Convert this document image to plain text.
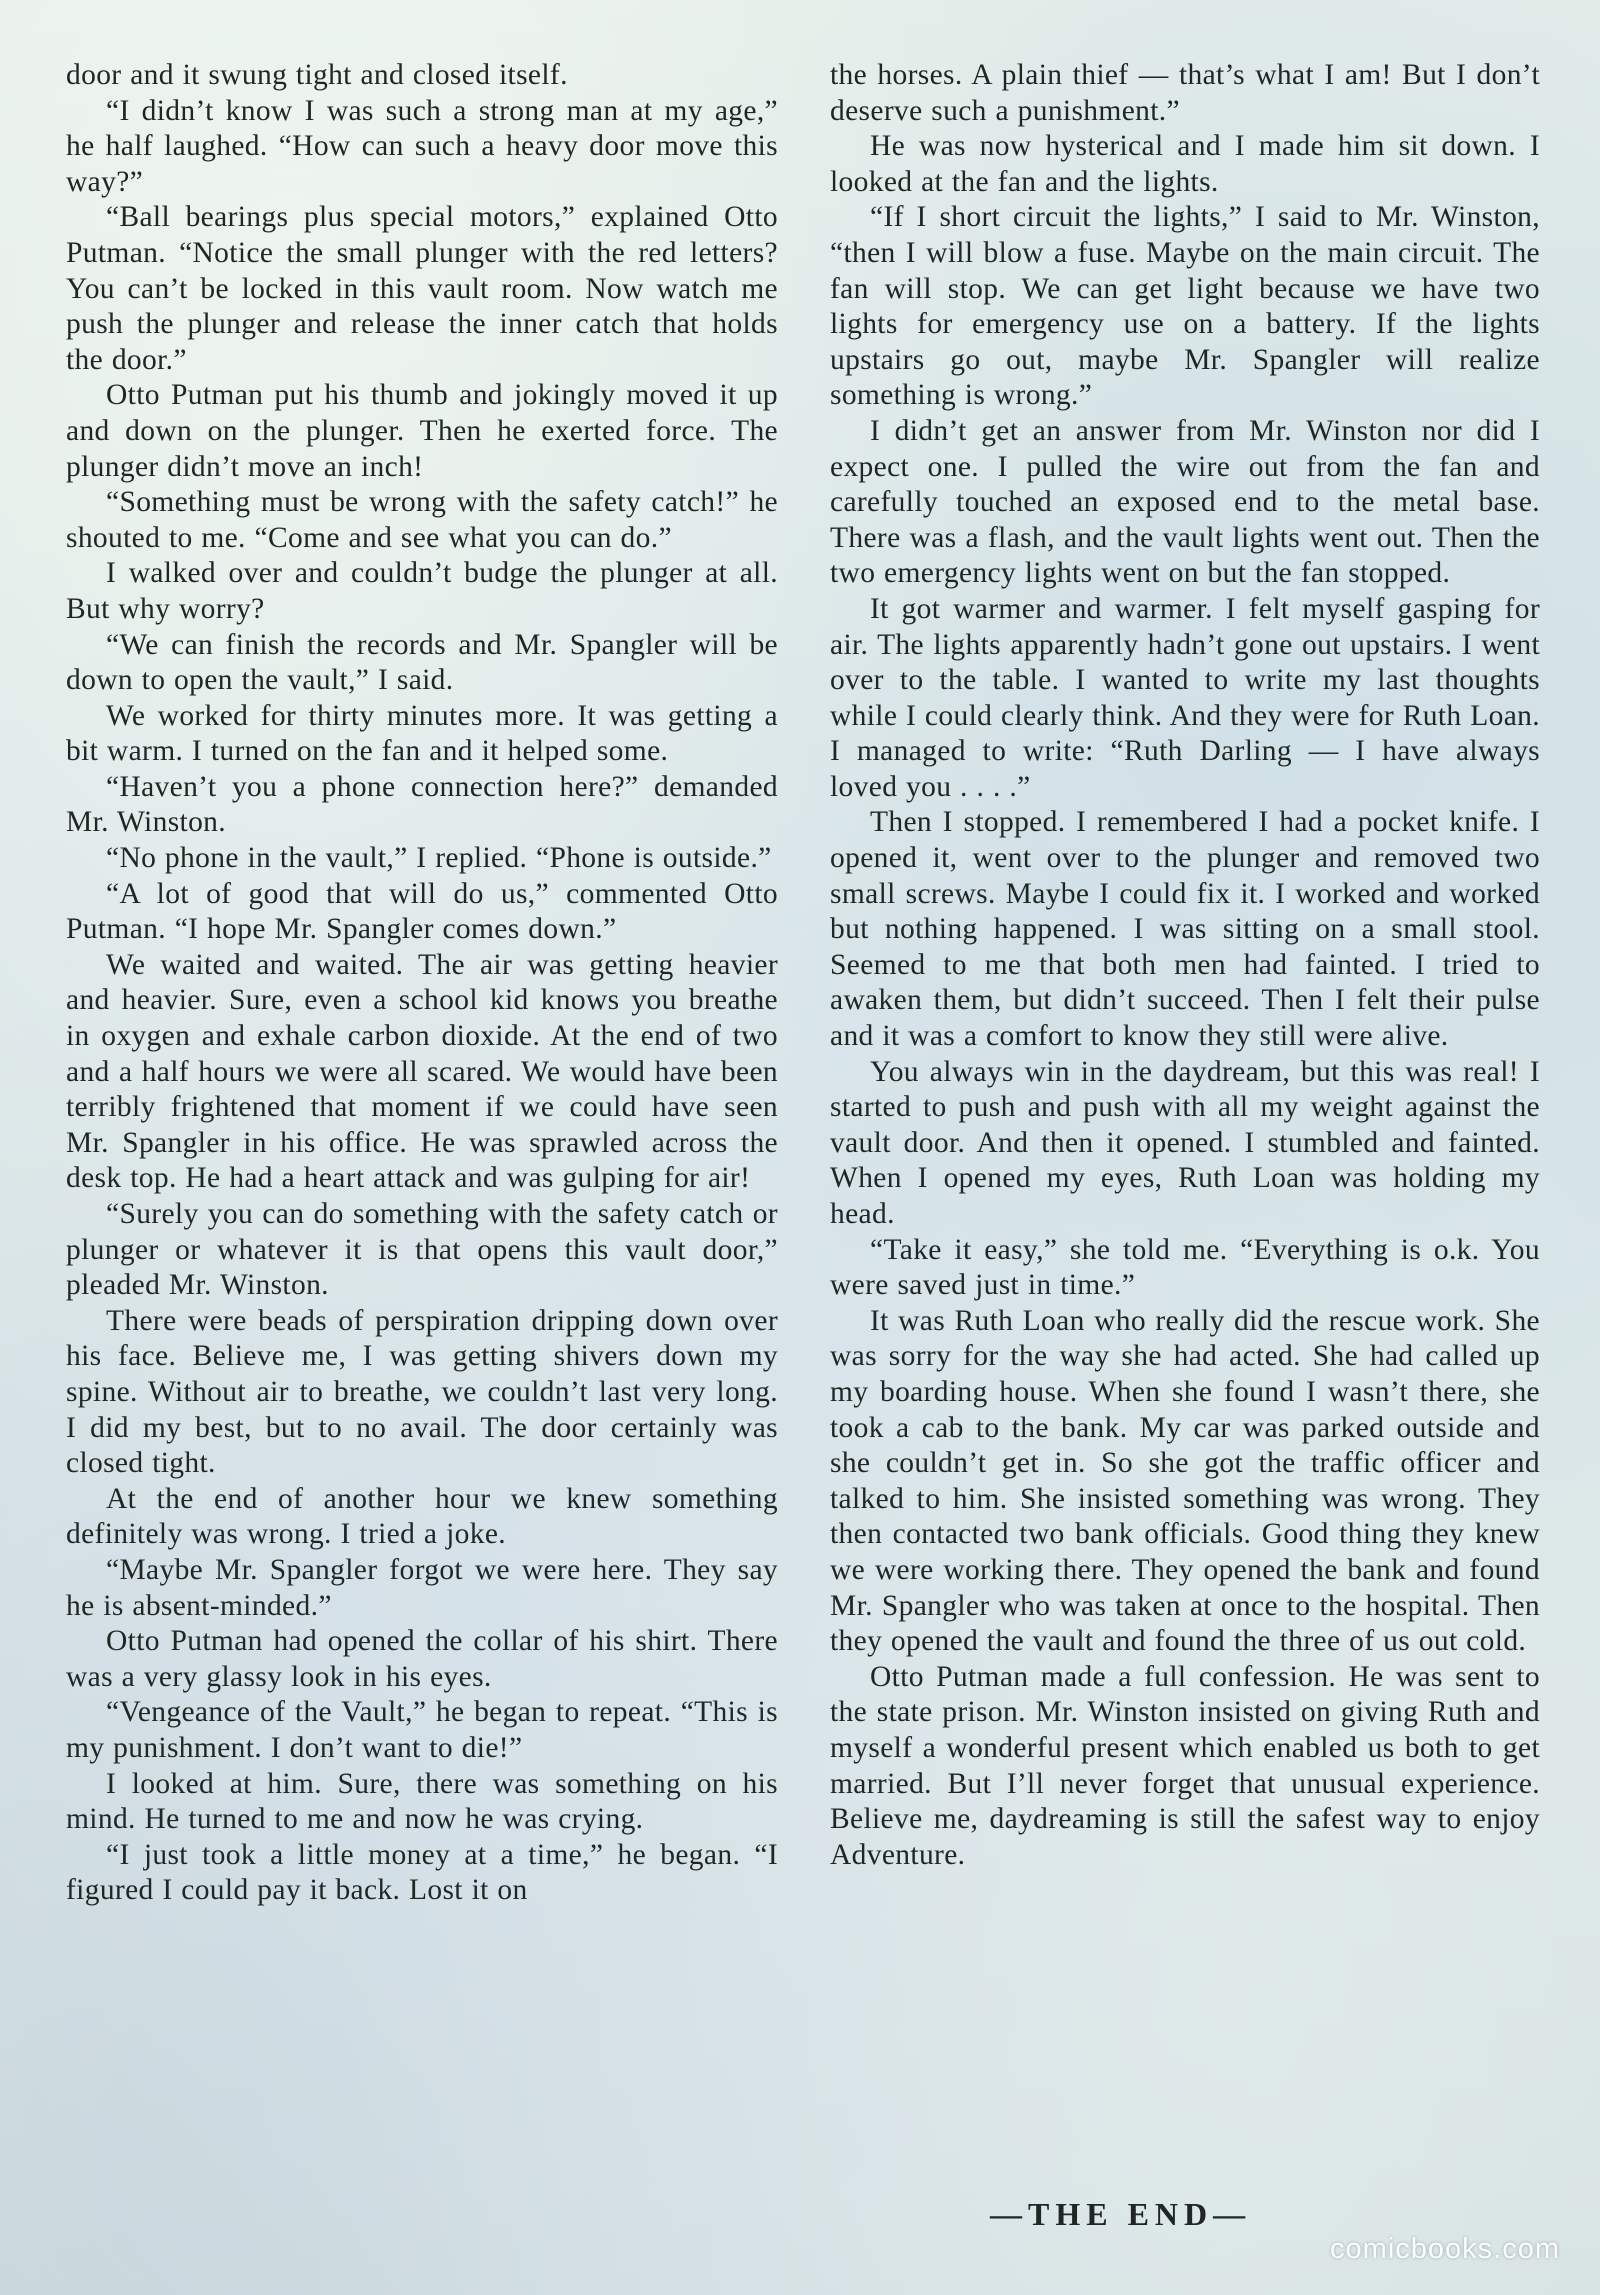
door and it swung tight and closed itself.

“I didn’t know I was such a strong man at my age,” he half laughed. “How can such a heavy door move this way?”

“Ball bearings plus special motors,” explained Otto Putman. “Notice the small plunger with the red letters? You can’t be locked in this vault room. Now watch me push the plunger and release the inner catch that holds the door.”

Otto Putman put his thumb and jokingly moved it up and down on the plunger. Then he exerted force. The plunger didn’t move an inch!

“Something must be wrong with the safety catch!” he shouted to me. “Come and see what you can do.”

I walked over and couldn’t budge the plunger at all. But why worry?

“We can finish the records and Mr. Spangler will be down to open the vault,” I said.

We worked for thirty minutes more. It was getting a bit warm. I turned on the fan and it helped some.

“Haven’t you a phone connection here?” demanded Mr. Winston.

“No phone in the vault,” I replied. “Phone is outside.”

“A lot of good that will do us,” commented Otto Putman. “I hope Mr. Spangler comes down.”

We waited and waited. The air was getting heavier and heavier. Sure, even a school kid knows you breathe in oxygen and exhale carbon dioxide. At the end of two and a half hours we were all scared. We would have been terribly frightened that moment if we could have seen Mr. Spangler in his office. He was sprawled across the desk top. He had a heart attack and was gulping for air!

“Surely you can do something with the safety catch or plunger or whatever it is that opens this vault door,” pleaded Mr. Winston.

There were beads of perspiration dripping down over his face. Believe me, I was getting shivers down my spine. Without air to breathe, we couldn’t last very long. I did my best, but to no avail. The door certainly was closed tight.

At the end of another hour we knew something definitely was wrong. I tried a joke.

“Maybe Mr. Spangler forgot we were here. They say he is absent-minded.”

Otto Putman had opened the collar of his shirt. There was a very glassy look in his eyes.

“Vengeance of the Vault,” he began to repeat. “This is my punishment. I don’t want to die!”

I looked at him. Sure, there was something on his mind. He turned to me and now he was crying.

“I just took a little money at a time,” he began. “I figured I could pay it back. Lost it on

the horses. A plain thief — that’s what I am! But I don’t deserve such a punishment.”

He was now hysterical and I made him sit down. I looked at the fan and the lights.

“If I short circuit the lights,” I said to Mr. Winston, “then I will blow a fuse. Maybe on the main circuit. The fan will stop. We can get light because we have two lights for emergency use on a battery. If the lights upstairs go out, maybe Mr. Spangler will realize something is wrong.”

I didn’t get an answer from Mr. Winston nor did I expect one. I pulled the wire out from the fan and carefully touched an exposed end to the metal base. There was a flash, and the vault lights went out. Then the two emergency lights went on but the fan stopped.

It got warmer and warmer. I felt myself gasping for air. The lights apparently hadn’t gone out upstairs. I went over to the table. I wanted to write my last thoughts while I could clearly think. And they were for Ruth Loan. I managed to write: “Ruth Darling — I have always loved you . . . .”

Then I stopped. I remembered I had a pocket knife. I opened it, went over to the plunger and removed two small screws. Maybe I could fix it. I worked and worked but nothing happened. I was sitting on a small stool. Seemed to me that both men had fainted. I tried to awaken them, but didn’t succeed. Then I felt their pulse and it was a comfort to know they still were alive.

You always win in the daydream, but this was real! I started to push and push with all my weight against the vault door. And then it opened. I stumbled and fainted. When I opened my eyes, Ruth Loan was holding my head.

“Take it easy,” she told me. “Everything is o.k. You were saved just in time.”

It was Ruth Loan who really did the rescue work. She was sorry for the way she had acted. She had called up my boarding house. When she found I wasn’t there, she took a cab to the bank. My car was parked outside and she couldn’t get in. So she got the traffic officer and talked to him. She insisted something was wrong. They then contacted two bank officials. Good thing they knew we were working there. They opened the bank and found Mr. Spangler who was taken at once to the hospital. Then they opened the vault and found the three of us out cold.

Otto Putman made a full confession. He was sent to the state prison. Mr. Winston insisted on giving Ruth and myself a wonderful present which enabled us both to get married. But I’ll never forget that unusual experience. Believe me, daydreaming is still the safest way to enjoy Adventure.

—THE END—
comicbooks.com
